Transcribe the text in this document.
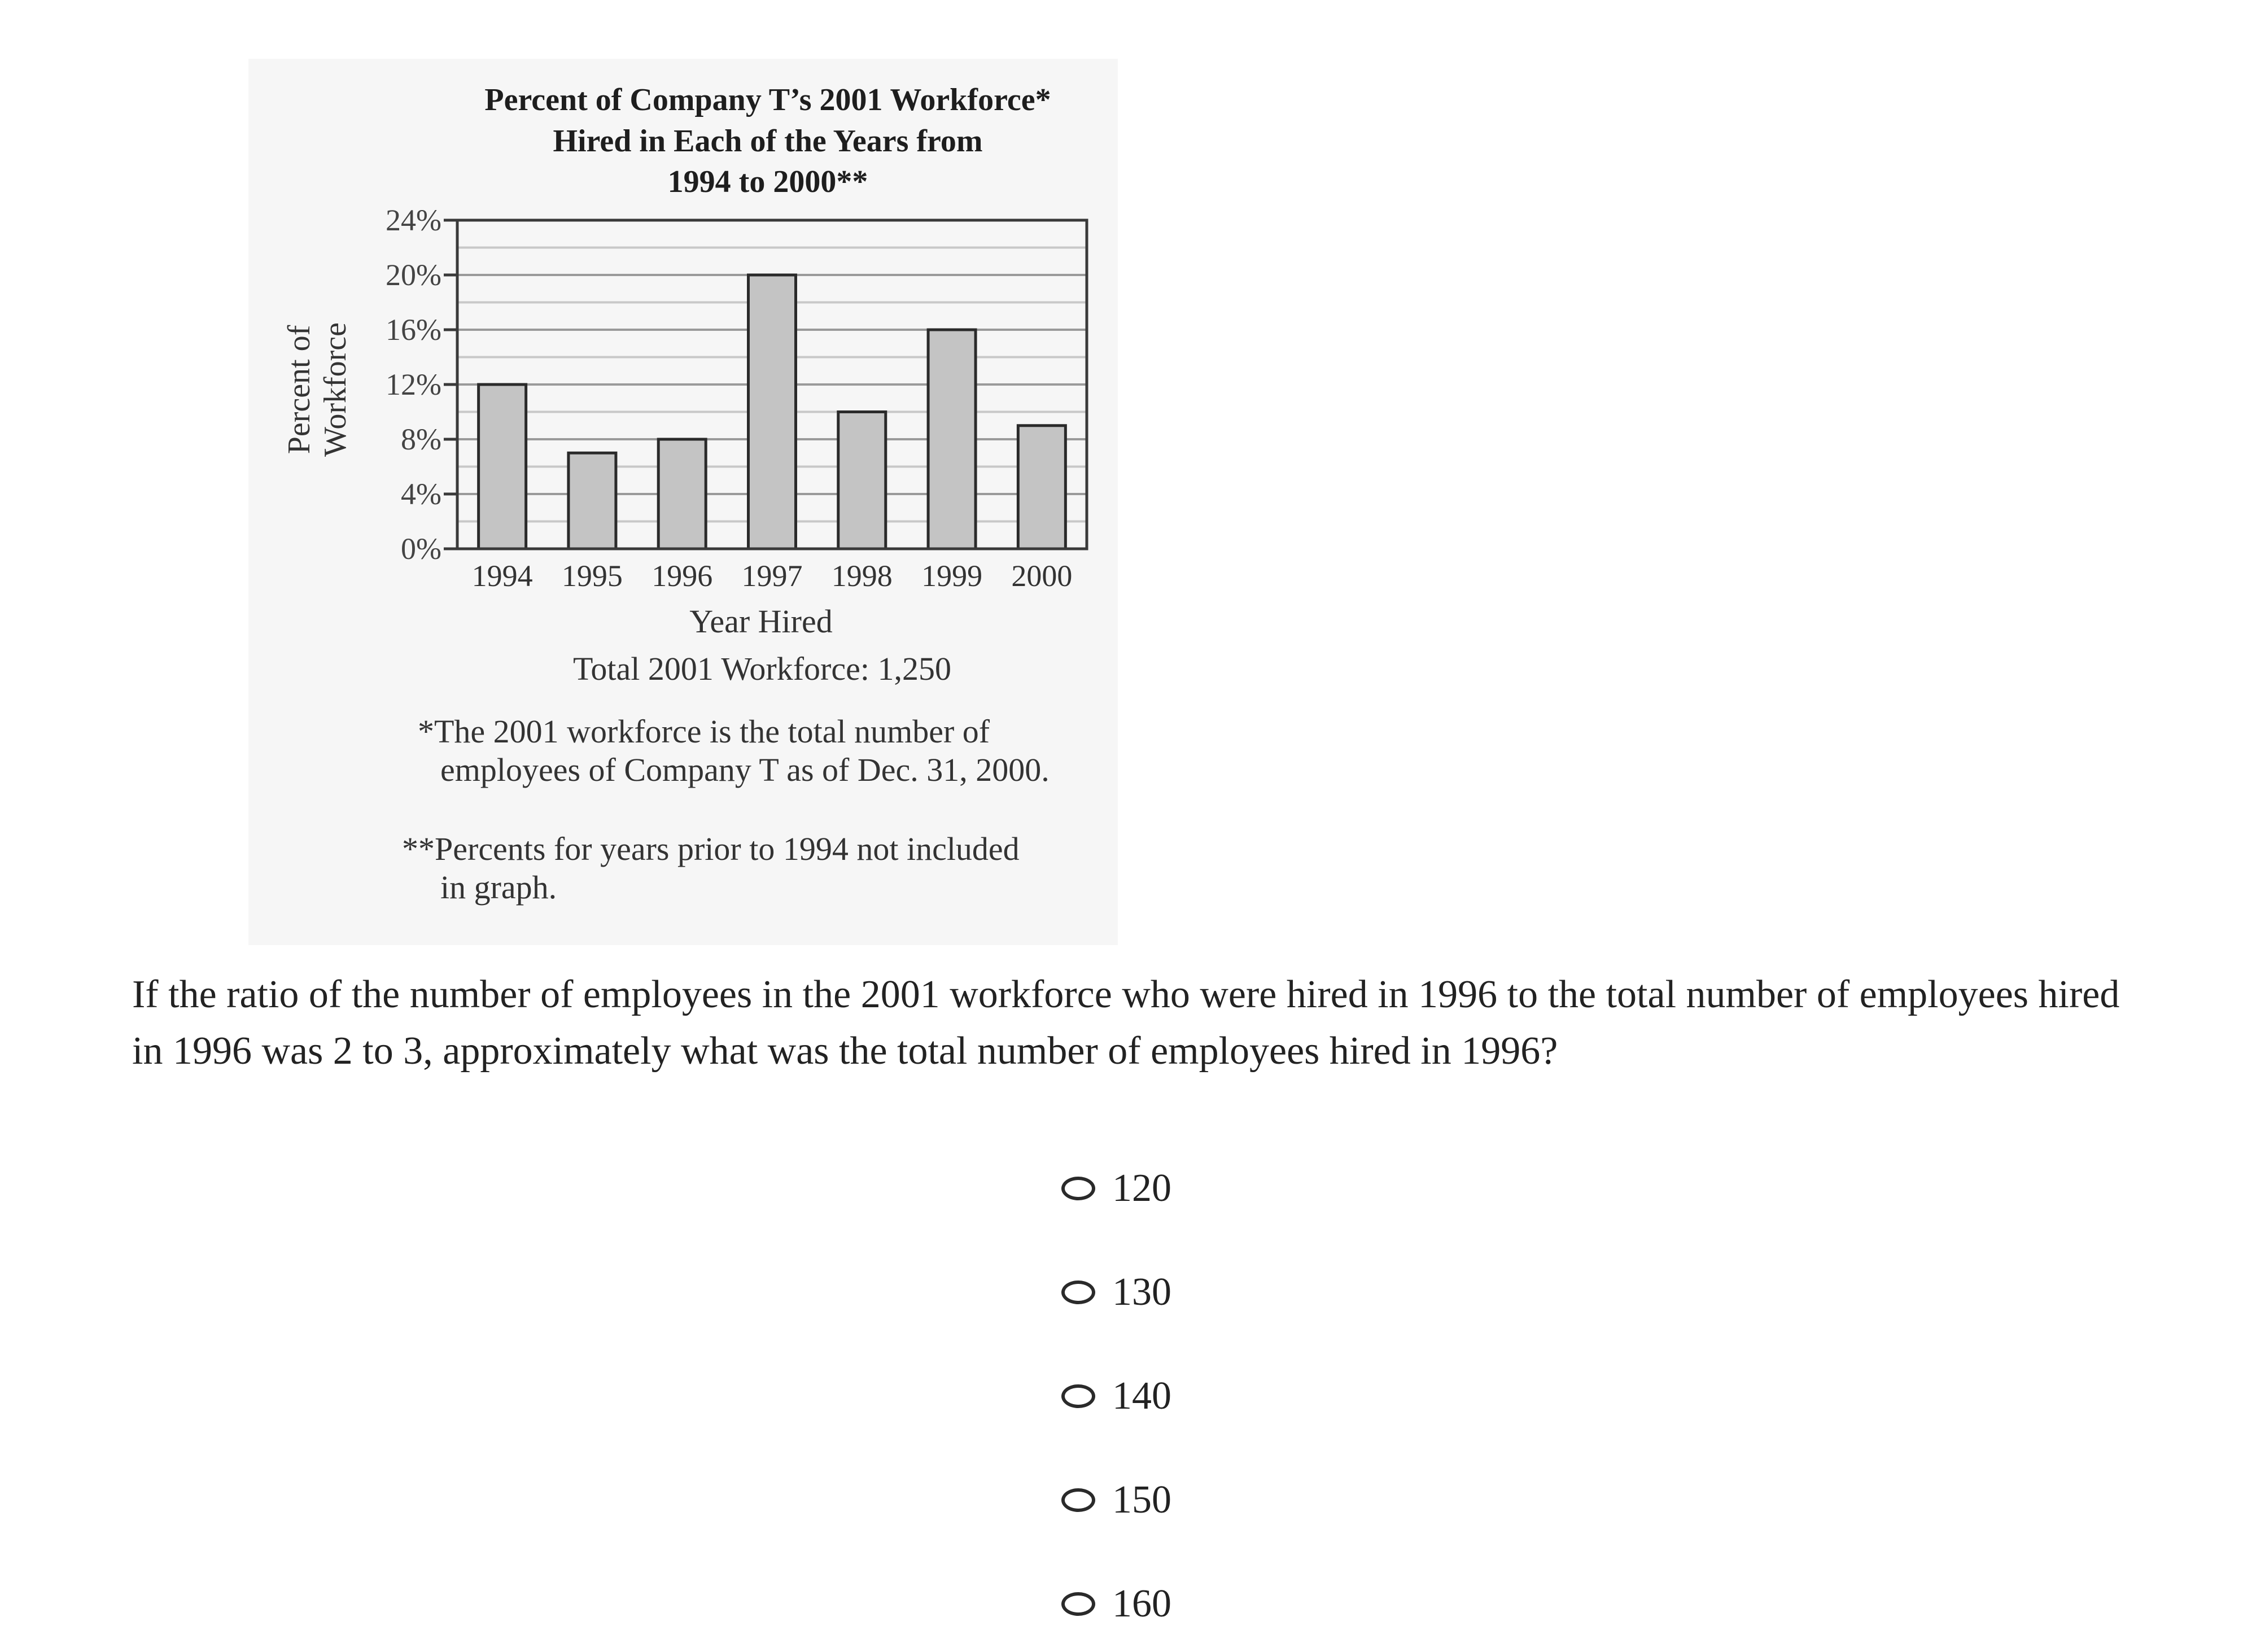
Percent of Company T’s 2001 Workforce*
Hired in Each of the Years from
1994 to 2000**
Percent of Workforce
0%
4%
8%
12%
16%
20%
24%
1994 1995 1996 1997 1998 1999 2000
Year Hired
Total 2001 Workforce: 1,250
*The 2001 workforce is the total number of
employees of Company T as of Dec. 31, 2000.
**Percents for years prior to 1994 not included
in graph.
If the ratio of the number of employees in the 2001 workforce who were hired in 1996 to the total number of employees hired in 1996 was 2 to 3, approximately what was the total number of employees hired in 1996?
120
130
140
150
160
